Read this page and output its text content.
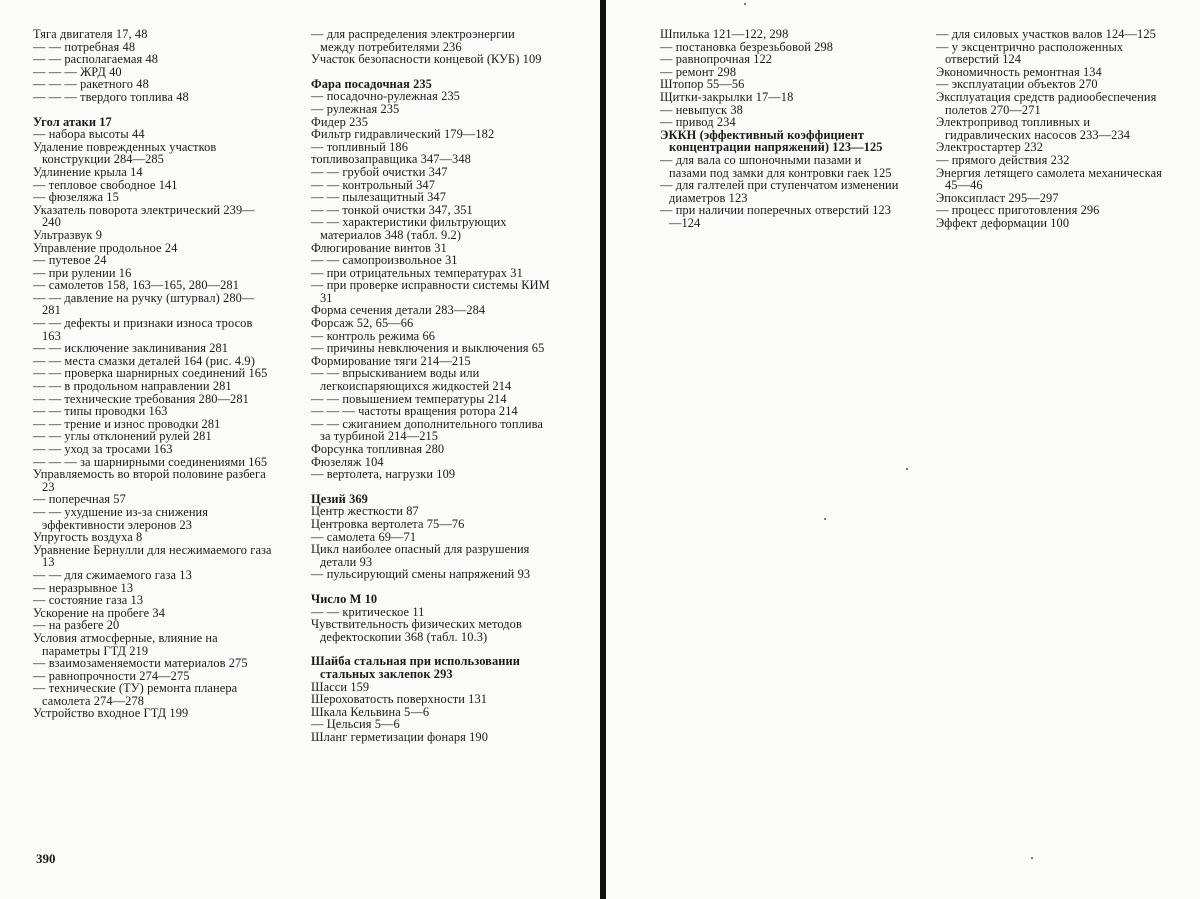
Тяга двигателя 17, 48
— — потребная 48
— — располагаемая 48
— — — ЖРД 40
— — — ракетного 48
— — — твердого топлива 48
Угол атаки 17
— набора высоты 44
Удаление поврежденных участков конструкции 284—285
Удлинение крыла 14
— тепловое свободное 141
— фюзеляжа 15
Указатель поворота электрический 239—240
Ультразвук 9
Управление продольное 24
— путевое 24
— при рулении 16
— самолетов 158, 163—165, 280—281
— — давление на ручку (штурвал) 280—281
— — дефекты и признаки износа тросов 163
— — исключение заклинивания 281
— — места смазки деталей 164 (рис. 4.9)
— — проверка шарнирных соединений 165
— — в продольном направлении 281
— — технические требования 280—281
— — типы проводки 163
— — трение и износ проводки 281
— — углы отклонений рулей 281
— — уход за тросами 163
— — — за шарнирными соединениями 165
Управляемость во второй половине разбега 23
— поперечная 57
— — ухудшение из-за снижения эффективности элеронов 23
Упругость воздуха 8
Уравнение Бернулли для несжимаемого газа 13
— — для сжимаемого газа 13
— неразрывное 13
— состояние газа 13
Ускорение на пробеге 34
— на разбеге 20
Условия атмосферные, влияние на параметры ГТД 219
— взаимозаменяемости материалов 275
— равнопрочности 274—275
— технические (ТУ) ремонта планера самолета 274—278
Устройство входное ГТД 199
— для распределения электроэнергии между потребителями 236
Участок безопасности концевой (КУБ) 109
Фара посадочная 235
— посадочно-рулежная 235
— рулежная 235
Фидер 235
Фильтр гидравлический 179—182
— топливный 186
топливозаправщика 347—348
— — грубой очистки 347
— — контрольный 347
— — пылезащитный 347
— — тонкой очистки 347, 351
— — характеристики фильтрующих материалов 348 (табл. 9.2)
Флюгирование винтов 31
— — самопроизвольное 31
— при отрицательных температурах 31
— при проверке исправности системы КИМ 31
Форма сечения детали 283—284
Форсаж 52, 65—66
— контроль режима 66
— причины невключения и выключения 65
Формирование тяги 214—215
— — впрыскиванием воды или легкоиспаряющихся жидкостей 214
— — повышением температуры 214
— — — частоты вращения ротора 214
— — сжиганием дополнительного топлива за турбиной 214—215
Форсунка топливная 280
Фюзеляж 104
— вертолета, нагрузки 109
Цезий 369
Центр жесткости 87
Центровка вертолета 75—76
— самолета 69—71
Цикл наиболее опасный для разрушения детали 93
— пульсирующий смены напряжений 93
Число М 10
— — критическое 11
Чувствительность физических методов дефектоскопии 368 (табл. 10.3)
Шайба стальная при использовании стальных заклепок 293
Шасси 159
Шероховатость поверхности 131
Шкала Кельвина 5—6
— Цельсия 5—6
Шланг герметизации фонаря 190
390
Шпилька 121—122, 298
— постановка безрезьбовой 298
— равнопрочная 122
— ремонт 298
Штопор 55—56
Щитки-закрылки 17—18
— невыпуск 38
— привод 234
ЭККН (эффективный коэффициент концентрации напряжений) 123—125
— для вала со шпоночными пазами и пазами под замки для контровки гаек 125
— для галтелей при ступенчатом изменении диаметров 123
— при наличии поперечных отверстий 123—124
— для силовых участков валов 124—125
— у эксцентрично расположенных отверстий 124
Экономичность ремонтная 134
— эксплуатации объектов 270
Эксплуатация средств радиообеспечения полетов 270—271
Электропривод топливных и гидравлических насосов 233—234
Электростартер 232
— прямого действия 232
Энергия летящего самолета механическая 45—46
Эпоксипласт 295—297
— процесс приготовления 296
Эффект деформации 100
